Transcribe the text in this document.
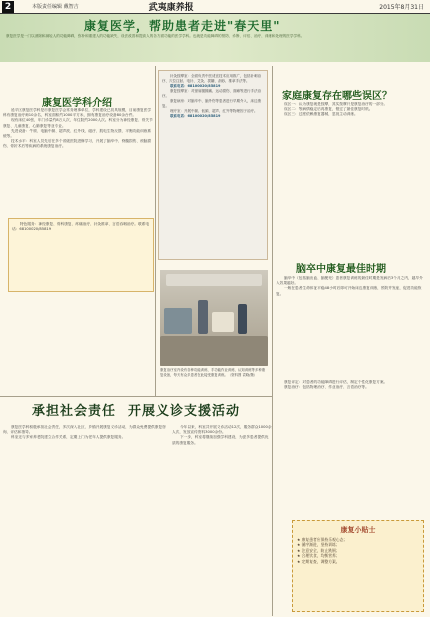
2	本版责任编辑 戴智吉	武夷康养报	2015年8月31日
康复医学，帮助患者走进"春天里"
康复医学是一门以消除和减轻人的功能障碍，弥补和重建人的功能缺失，设法改善和提高人的各方面功能的医学学科。也就是功能障碍的预防、诊断、评估、治疗、训练和处理的医学学科。
康复医学科介绍

延平区康复医学科是市康复医学会常务理事单位，学科建设已初具规模，目前康复医学科有康复治疗师10余名，科室面积约1000平方米，拥有康复治疗设备80余台件。

现有床位40张，年门诊量约8万人次，年住院约2000人次。科室分为神经康复、骨关节康复、儿童康复、心肺康复等亚专业。

先进设备：牛顿、电脑中频、超声波、红外线、磁疗、肌电生物反馈、平衡功能训练系统等。

技术水平：科室人员先后在多个省级医院进修学习，开展了脑卒中、脊髓损伤、颅脑损伤、骨折术后等疾病的系统康复治疗。

特色服务：神经康复、骨科康复、疼痛治疗、针灸推拿、言语吞咽治疗。联系电话：68100020/85819

针灸按摩室：全面负责中医适宜技术应用推广，包括针刺治疗、穴位注射、电针、艾灸、拔罐、刮痧、推拿手法等。

联系电话：68100020/85819

康复按摩室：对颈肩腰腿痛、运动损伤、面瘫等进行手法治疗。

康复病房：对脑卒中、脑外伤等患者进行早期介入，床边康复。

理疗室：开展中频、低频、超声、红外等物理因子治疗。

联系电话：68100020/85819

康复治疗室内设有各种功能训练、手功能作业训练、认知训练等多种康复设备，每天有众多患者在此接受康复训练。（资料图 袁晓/摄）
家庭康复存在哪些误区？

误区一：认为康复就是按摩，其实按摩只是康复治疗的一部分。

误区二：等病情稳定后再康复，错过了最佳康复时机。

误区三：过度依赖康复器械，忽视主动训练。

脑卒中康复最佳时期

脑卒中（包括脑出血、脑梗死）患者康复训练的最佳时期是发病后3个月之内，越早介入效果越好。

一般在患者生命体征平稳48小时后即可开始床边康复训练，预防并发症，促进功能恢复。

承担社会责任 开展义诊支援活动

康复医学科积极承担社会责任，多次深入社区、乡镇开展康复义诊活动，为群众免费提供康复咨询、评估和指导。

科室还与多家养老院建立合作关系，定期上门为老年人提供康复服务。

今年以来，科室共开展义诊活动12次，服务群众1000余人次，发放宣传资料3000余份。

下一步，科室将继续加强学科建设，为更多患者提供优质的康复服务。

康复评定：对患者的功能障碍进行评估，制定个性化康复方案。

康复治疗：包括物理治疗、作业治疗、言语治疗等。

康复小贴士
★ 康复患者应保持乐观心态；
★ 循序渐进，坚持训练；
★ 注意安全，防止跌倒；
★ 合理饮食，均衡营养；
★ 定期复查，调整方案。
